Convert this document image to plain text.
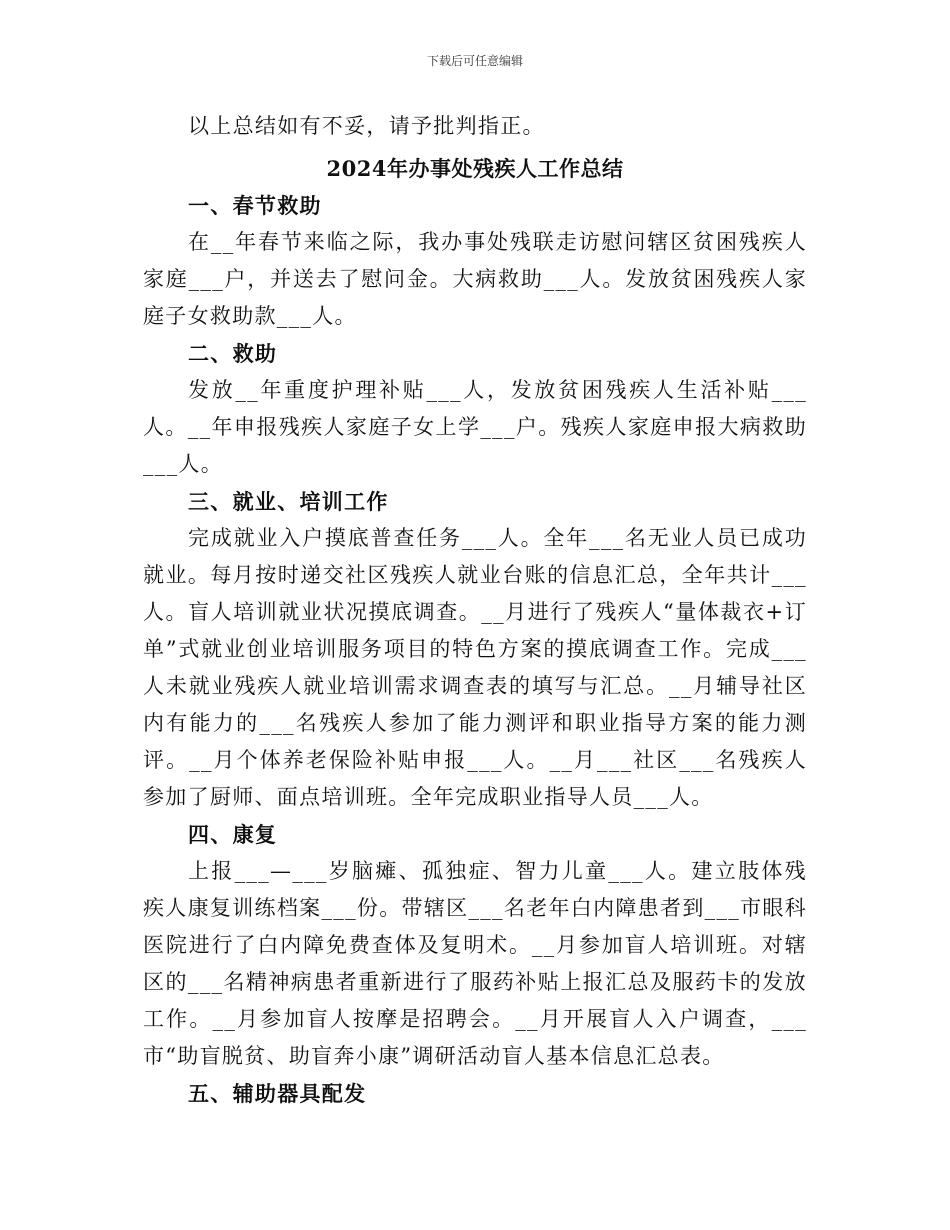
下载后可任意编辑

以上总结如有不妥，请予批判指正。

2024年办事处残疾人工作总结

一、春节救助

在__年春节来临之际，我办事处残联走访慰问辖区贫困残疾人家庭___户，并送去了慰问金。大病救助___人。发放贫困残疾人家庭子女救助款___人。

二、救助

发放__年重度护理补贴___人，发放贫困残疾人生活补贴___人。__年申报残疾人家庭子女上学___户。残疾人家庭申报大病救助___人。

三、就业、培训工作

完成就业入户摸底普查任务___人。全年___名无业人员已成功就业。每月按时递交社区残疾人就业台账的信息汇总，全年共计___人。盲人培训就业状况摸底调查。__月进行了残疾人“量体裁衣+订单”式就业创业培训服务项目的特色方案的摸底调查工作。完成___人未就业残疾人就业培训需求调查表的填写与汇总。__月辅导社区内有能力的___名残疾人参加了能力测评和职业指导方案的能力测评。__月个体养老保险补贴申报___人。__月___社区___名残疾人参加了厨师、面点培训班。全年完成职业指导人员___人。

四、康复

上报___—___岁脑瘫、孤独症、智力儿童___人。建立肢体残疾人康复训练档案___份。带辖区___名老年白内障患者到___市眼科医院进行了白内障免费查体及复明术。__月参加盲人培训班。对辖区的___名精神病患者重新进行了服药补贴上报汇总及服药卡的发放工作。__月参加盲人按摩是招聘会。__月开展盲人入户调查，___市“助盲脱贫、助盲奔小康”调研活动盲人基本信息汇总表。

五、辅助器具配发
